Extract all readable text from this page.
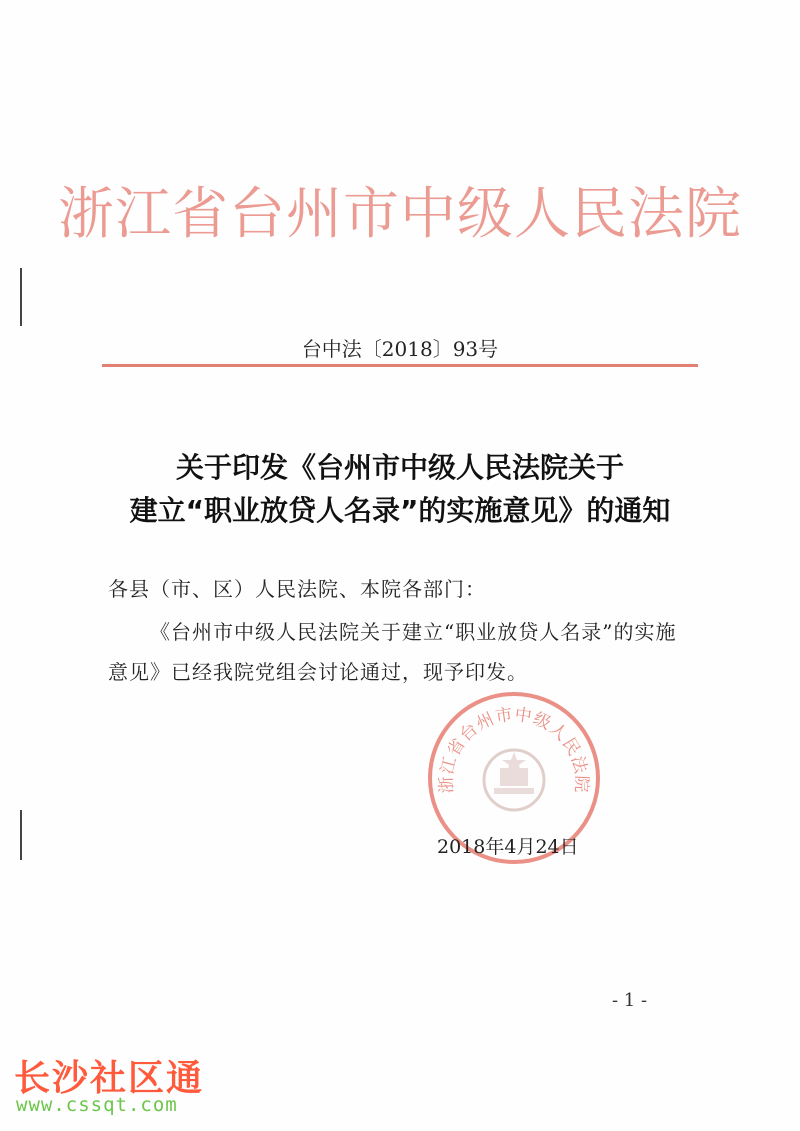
浙江省台州市中级人民法院
台中法〔2018〕93号
关于印发《台州市中级人民法院关于
建立“职业放贷人名录”的实施意见》的通知
各县（市、区）人民法院、本院各部门：
《台州市中级人民法院关于建立“职业放贷人名录”的实施
意见》已经我院党组会讨论通过，现予印发。
浙江省台州市中级人民法院
2018年4月24日
- 1 -
长沙社区通
www.cssqt.com
